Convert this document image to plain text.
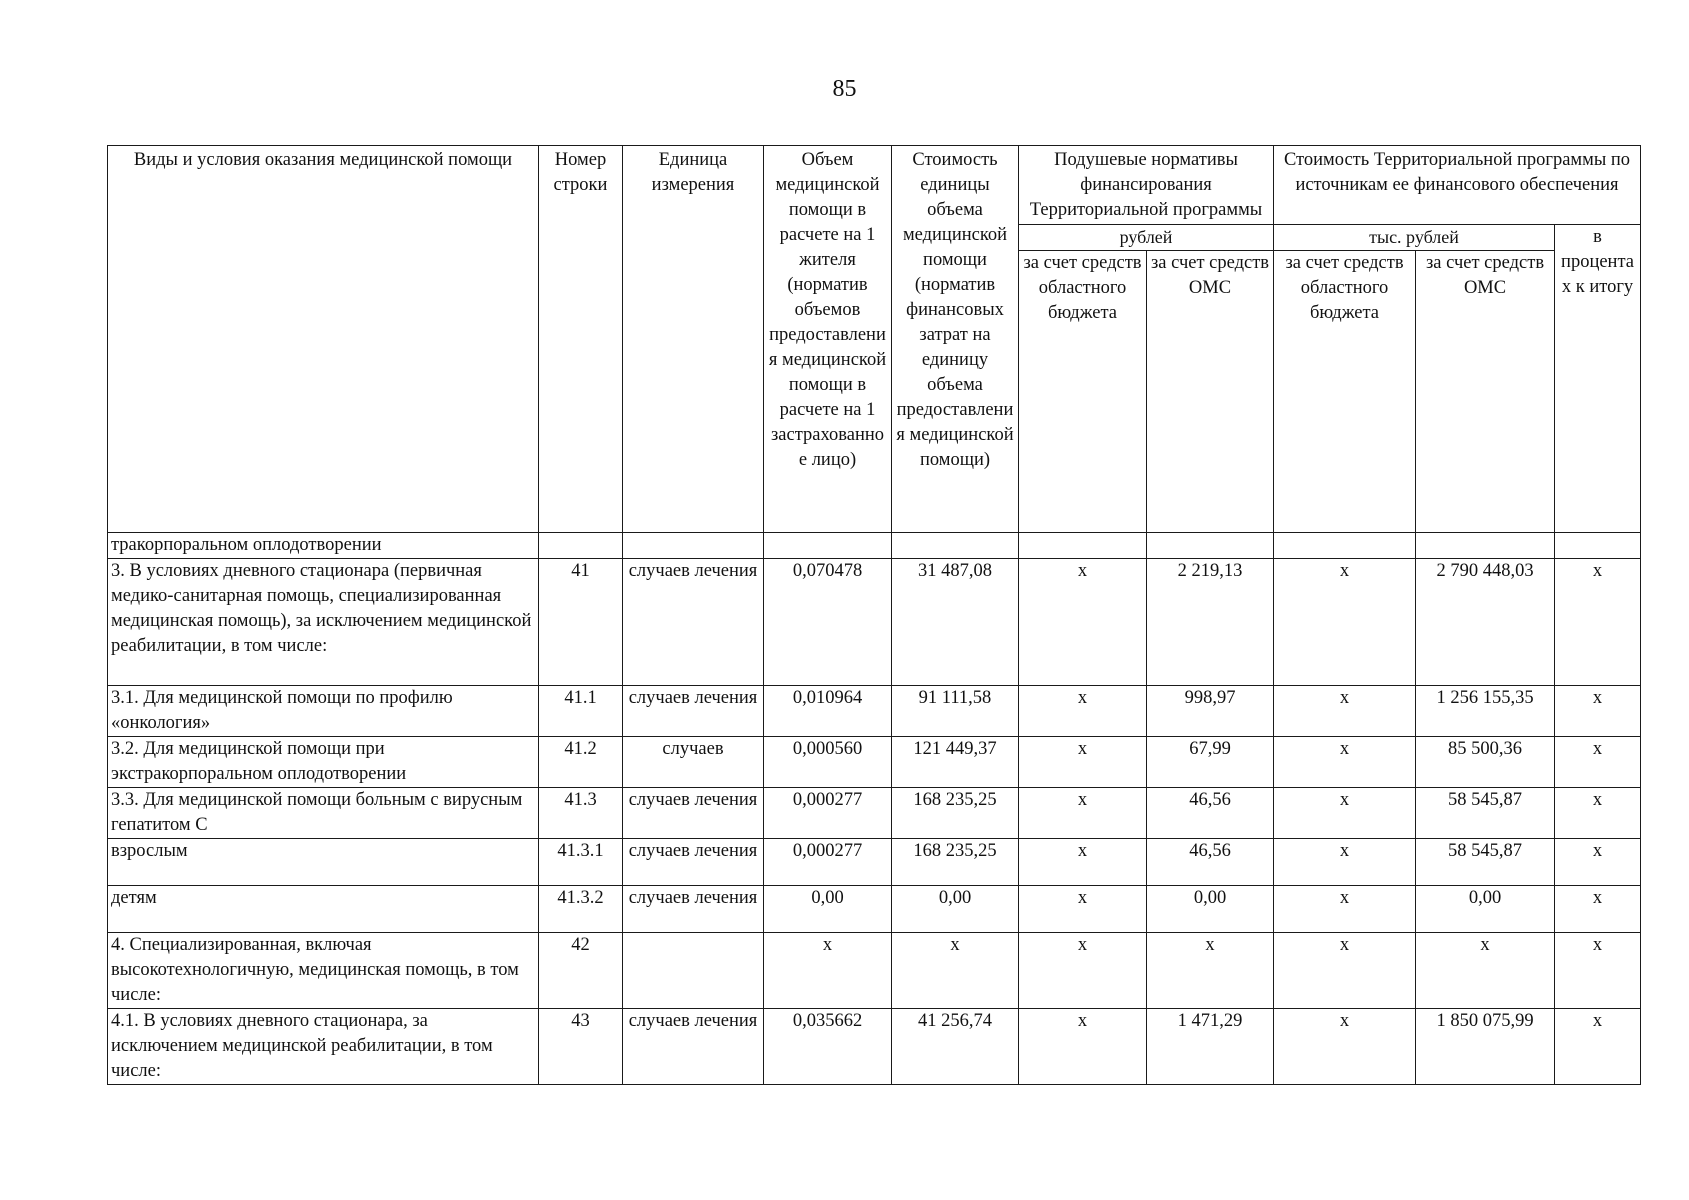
85
Виды и условия оказания медицинской помощи	Номер строки	Единица измерения	Объем медицинской помощи в расчете на 1 жителя (норматив объемов предоставления медицинской помощи в расчете на 1 застрахованное лицо)	Стоимость единицы объема медицинской помощи (норматив финансовых затрат на единицу объема предоставления медицинской помощи)	Подушевые нормативы финансирования Территориальной программы		Стоимость Территориальной программы по источникам ее финансового обеспечения		
					рублей		тыс. рублей		в процентах к итогу
					за счет средств областного бюджета	за счет средств ОМС	за счет средств областного бюджета	за счет средств ОМС	
тракорпоральном оплодотворении									
3. В условиях дневного стационара (первичная медико-санитарная помощь, специализированная медицинская помощь), за исключением медицинской реабилитации, в том числе:	41	случаев лечения	0,070478	31 487,08	x	2 219,13	x	2 790 448,03	x
3.1. Для медицинской помощи по профилю «онкология»	41.1	случаев лечения	0,010964	91 111,58	x	998,97	x	1 256 155,35	x
3.2. Для медицинской помощи при экстракорпоральном оплодотворении	41.2	случаев	0,000560	121 449,37	x	67,99	x	85 500,36	x
3.3. Для медицинской помощи больным с вирусным гепатитом С	41.3	случаев лечения	0,000277	168 235,25	x	46,56	x	58 545,87	x
взрослым	41.3.1	случаев лечения	0,000277	168 235,25	x	46,56	x	58 545,87	x
детям	41.3.2	случаев лечения	0,00	0,00	x	0,00	x	0,00	x
4. Специализированная, включая высокотехнологичную, медицинская помощь, в том числе:	42		x	x	x	x	x	x	x
4.1. В условиях дневного стационара, за исключением медицинской реабилитации, в том числе:	43	случаев лечения	0,035662	41 256,74	x	1 471,29	x	1 850 075,99	x
